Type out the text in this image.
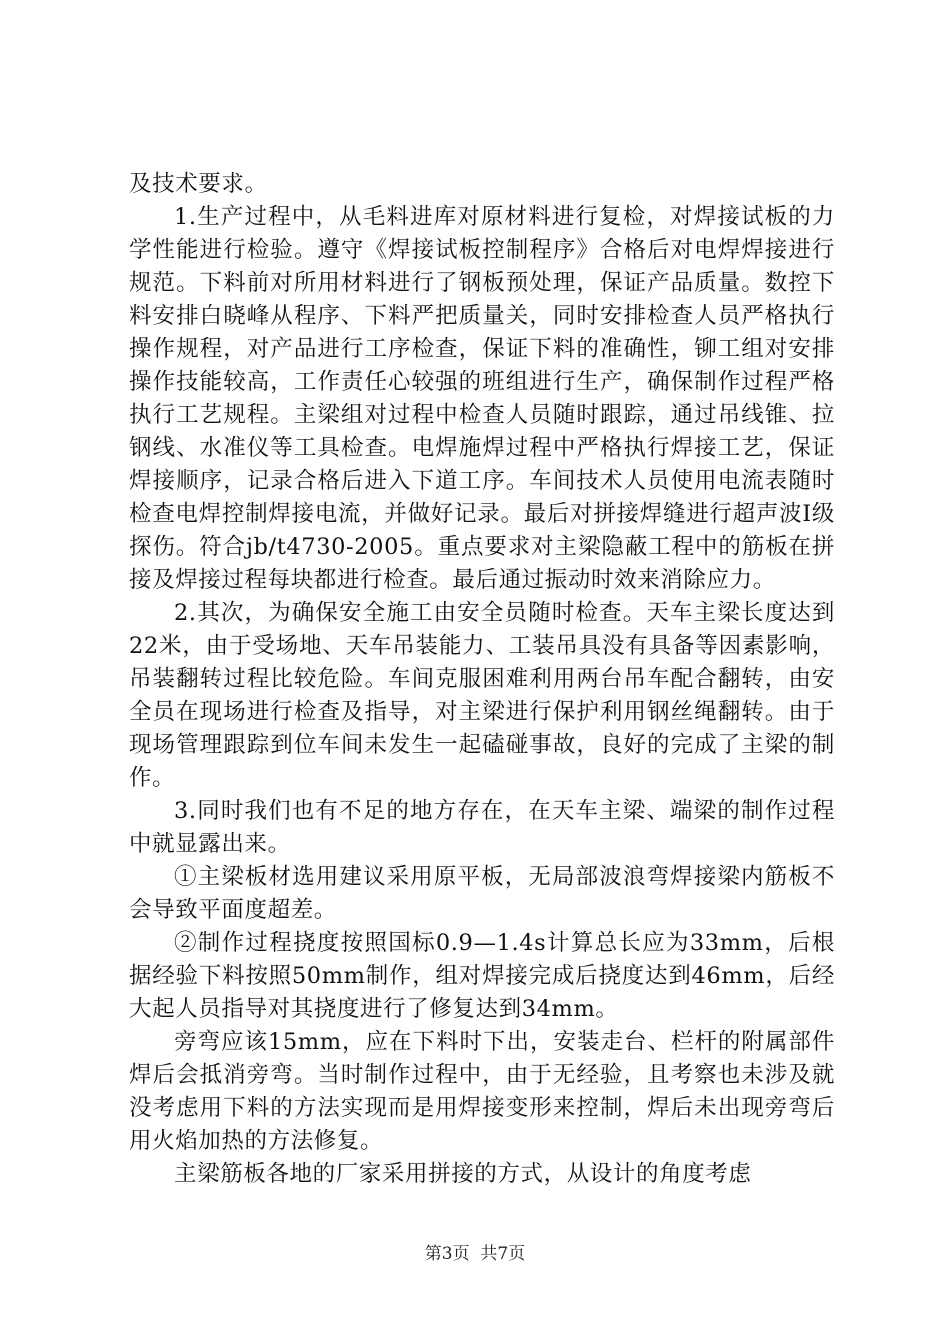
及技术要求。

1.生产过程中，从毛料进库对原材料进行复检，对焊接试板的力学性能进行检验。遵守《焊接试板控制程序》合格后对电焊焊接进行规范。下料前对所用材料进行了钢板预处理，保证产品质量。数控下料安排白晓峰从程序、下料严把质量关，同时安排检查人员严格执行操作规程，对产品进行工序检查，保证下料的准确性，铆工组对安排操作技能较高，工作责任心较强的班组进行生产，确保制作过程严格执行工艺规程。主梁组对过程中检查人员随时跟踪，通过吊线锥、拉钢线、水准仪等工具检查。电焊施焊过程中严格执行焊接工艺，保证焊接顺序，记录合格后进入下道工序。车间技术人员使用电流表随时检查电焊控制焊接电流，并做好记录。最后对拼接焊缝进行超声波Ⅰ级探伤。符合jb/t4730-2005。重点要求对主梁隐蔽工程中的筋板在拼接及焊接过程每块都进行检查。最后通过振动时效来消除应力。

2.其次，为确保安全施工由安全员随时检查。天车主梁长度达到22米，由于受场地、天车吊装能力、工装吊具没有具备等因素影响，吊装翻转过程比较危险。车间克服困难利用两台吊车配合翻转，由安全员在现场进行检查及指导，对主梁进行保护利用钢丝绳翻转。由于现场管理跟踪到位车间未发生一起磕碰事故，良好的完成了主梁的制作。

3.同时我们也有不足的地方存在，在天车主梁、端梁的制作过程中就显露出来。

①主梁板材选用建议采用原平板，无局部波浪弯焊接梁内筋板不会导致平面度超差。

②制作过程挠度按照国标0.9—1.4s计算总长应为33mm，后根据经验下料按照50mm制作，组对焊接完成后挠度达到46mm，后经大起人员指导对其挠度进行了修复达到34mm。

旁弯应该15mm，应在下料时下出，安装走台、栏杆的附属部件焊后会抵消旁弯。当时制作过程中，由于无经验，且考察也未涉及就没考虑用下料的方法实现而是用焊接变形来控制，焊后未出现旁弯后用火焰加热的方法修复。

主梁筋板各地的厂家采用拼接的方式，从设计的角度考虑

第3页 共7页
